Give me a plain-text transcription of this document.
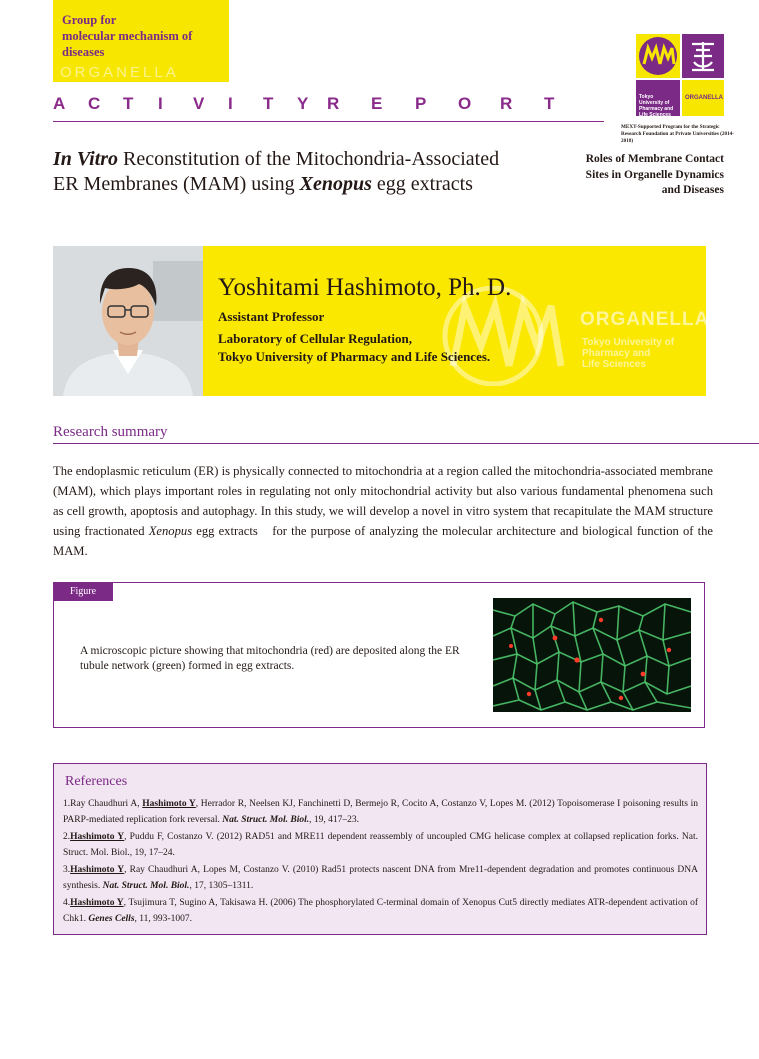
Group for
molecular mechanism of
diseases
ORGANELLA
A C T I V I T Y R E P O R T	Tokyo University of Pharmacy and Life Sciences
ORGANELLA
MEXT-Supported Program for the Strategic Research Foundation at Private Universities (2014-2018)
In Vitro Reconstitution of the Mitochondria-Associated
ER Membranes (MAM) using Xenopus egg extracts
Roles of Membrane Contact Sites in Organelle Dynamics and Diseases
Yoshitami Hashimoto, Ph. D.
Assistant Professor
Laboratory of Cellular Regulation,
Tokyo University of Pharmacy and Life Sciences.
ORGANELLA
Tokyo University of
Pharmacy and
Life Sciences
Research summary
The endoplasmic reticulum (ER) is physically connected to mitochondria at a region called the mitochondria-associated membrane (MAM), which plays important roles in regulating not only mitochondrial activity but also various fundamental phenomena such as cell growth, apoptosis and autophagy. In this study, we will develop a novel in vitro system that recapitulate the MAM structure using fractionated Xenopus egg extracts　for the purpose of analyzing the molecular architecture and biological function of the MAM.
Figure
A microscopic picture showing that mitochondria (red) are deposited along the ER tubule network (green) formed in egg extracts.
References
1.Ray Chaudhuri A, Hashimoto Y, Herrador R, Neelsen KJ, Fanchinetti D, Bermejo R, Cocito A, Costanzo V, Lopes M. (2012) Topoisomerase I poisoning results in PARP-mediated replication fork reversal. Nat. Struct. Mol. Biol., 19, 417–23.
2.Hashimoto Y, Puddu F, Costanzo V. (2012) RAD51 and MRE11 dependent reassembly of uncoupled CMG helicase complex at collapsed replication forks. Nat. Struct. Mol. Biol., 19, 17–24.
3.Hashimoto Y, Ray Chaudhuri A, Lopes M, Costanzo V. (2010) Rad51 protects nascent DNA from Mre11-dependent degradation and promotes continuous DNA synthesis. Nat. Struct. Mol. Biol., 17, 1305–1311.
4.Hashimoto Y, Tsujimura T, Sugino A, Takisawa H. (2006) The phosphorylated C-terminal domain of Xenopus Cut5 directly mediates ATR-dependent activation of Chk1. Genes Cells, 11, 993-1007.
